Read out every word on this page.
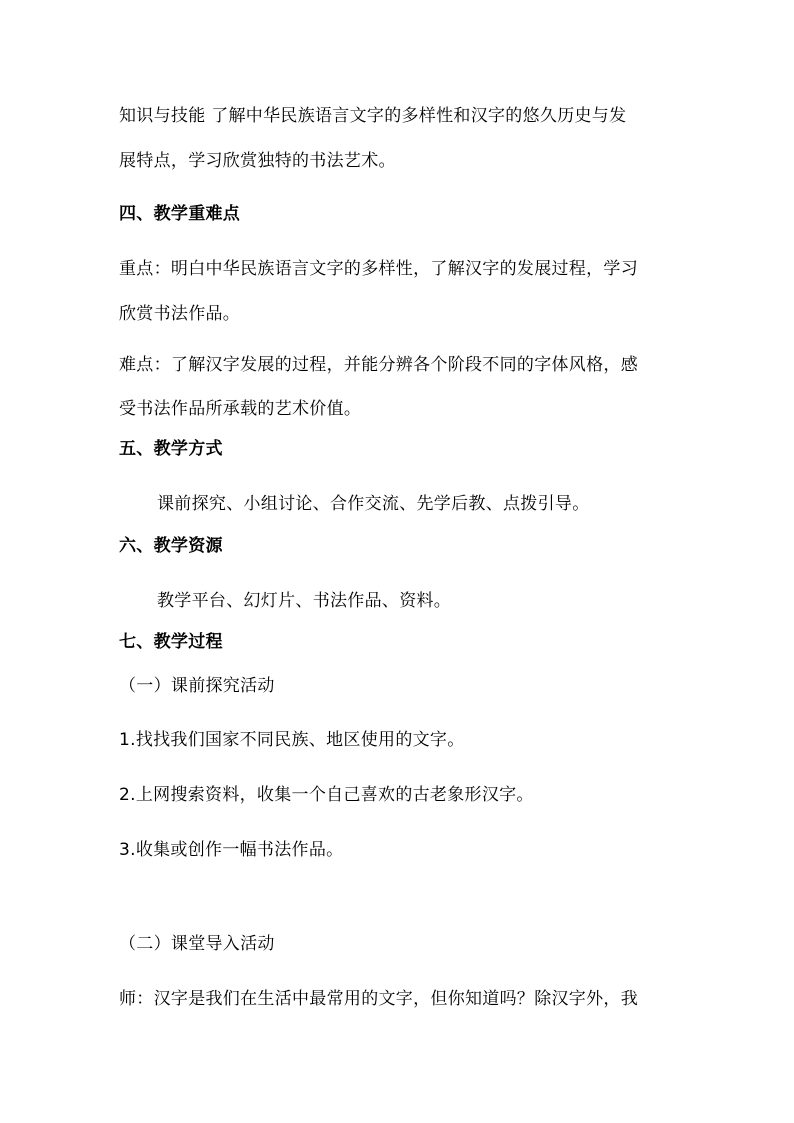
知识与技能 了解中华民族语言文字的多样性和汉字的悠久历史与发
展特点，学习欣赏独特的书法艺术。
四、教学重难点
重点：明白中华民族语言文字的多样性，了解汉字的发展过程，学习
欣赏书法作品。
难点：了解汉字发展的过程，并能分辨各个阶段不同的字体风格，感
受书法作品所承载的艺术价值。
五、教学方式
课前探究、小组讨论、合作交流、先学后教、点拨引导。
六、教学资源
教学平台、幻灯片、书法作品、资料。
七、教学过程
（一）课前探究活动
1.找找我们国家不同民族、地区使用的文字。
2.上网搜索资料，收集一个自己喜欢的古老象形汉字。
3.收集或创作一幅书法作品。
（二）课堂导入活动
师：汉字是我们在生活中最常用的文字，但你知道吗？除汉字外，我
